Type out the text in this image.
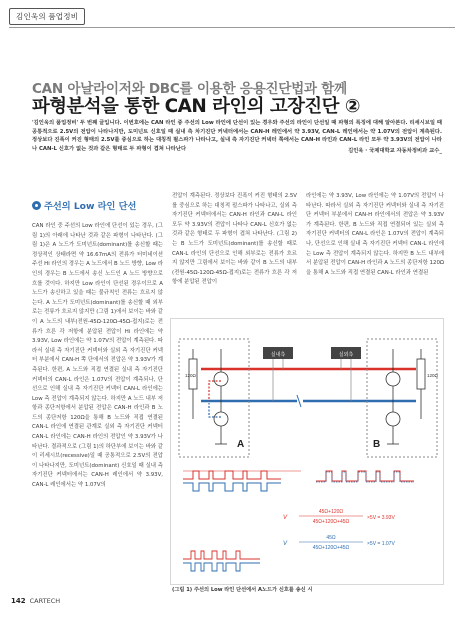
김인욱의 품업정비
CAN 아날라이저와 DBC를 이용한 응용진단법과 함께
파형분석을 통한 CAN 라인의 고장진단 ②
'김인욱의 품업정비' 두 번째 글입니다. 이번호에는 CAN 라인 중 주선의 Low 라인에 단선이 있는 경우와 주선의 라인이 단선일 때 파형의 특징에 대해 알아본다. 리세시브일 때 공통적으로 2.5V의 전압이 나타나지만, 도미넌트 신호일 때 실내 측 차기진단 커넥터에서는 CAN-H 레인에서 약 3.93V, CAN-L 레인에서는 약 1.07V의 전압이 계측된다. 정상보다 진폭이 커진 형태의 2.5V를 중심으로 하는 대칭적 펄스파가 나타나고, 실내 측 자기진단 커넥터 쪽에서는 CAN-H 라인과 CAN-L 라인 모두 약 3.93V의 전압이 나타나 CAN-L 신호가 없는 것과 같은 형태로 두 파형이 겹쳐 나타난다	김인욱 · 국제대학교 자동차정비과 교수_
주선의 Low 라인 단선
CAN 라인 중 주선의 Low 라인에 단선이 있는 경우, (그림 1)의 아래에 나타난 것과 같은 파형이 나타난다. (그림 1)은 A 노드가 도미넌트(dominant)를 송신할 때는 정상적인 상태라면 약 16.67mA의 전류가 터미네이션 주선 Hi 라인의 경우는 A 노드에서 B 노드 방향, Low 라인의 경우는 B 노드에서 송신 노드인 A 노드 방향으로 흐를 것이다. 하지만 Low 라인이 단선된 경우이므로 A 노드가 송신하고 있을 때는 불규칙인 전류는 흐르지 않는다. A 노드가 도미넌트(dominant)를 송신할 때 외부로는 전류가 흐르지 않지만 (그림 1)에서 보이는 바와 같이 A 노드의 내부(전원-45Ω-120Ω-45Ω-접지)로는 전류가 흐른 각 저항에 분압된 전압이 Hi 라인에는 약 3.93V, Low 라인에는 약 1.07V의 전압이 계측된다. 따라서 실내 측 자기진단 커넥터와 실외 측 자기진단 커넥터 부분에서 CAN-H 쪽 단에서의 전압은 약 3.93V가 계측된다. 한편, A 노드와 직접 연결된 실내 측 자기진단 커넥터의 CAN-L 라인은 1.07V의 전압이 계측되나, 단선으로 인해 실내 측 자기진단 커넥터 CAN-L 라인에는 Low 측 전압이 계측되지 않는다. 하지만 A 노드 내부 저항과 종단저항에서 분압된 전압은 CAN-H 라인과 B 노드의 종단저항 120Ω을 통해 B 노드와 직접 연결된 CAN-L 라인에 연결된 관계로 실외 측 자기진단 커넥터 CAN-L 라인에는 CAN-H 라인의 전압인 약 3.93V가 나타난다. 결과적으로 (그림 1)의 하단부에 보이는 바와 같이 리세시브(recessive)일 때 공통적으로 2.5V의 전압이 나타나지만, 도미넌트(dominant) 신호일 때 실내 측 자기진단 커넥터에서는 CAN-H 레인에서 약 3.93V, CAN-L 레인에서는 약 1.07V의
전압이 계측된다. 정상보다 진폭이 커진 형태의 2.5V를 중심으로 하는 대칭적 펄스파가 나타나고, 실외 측 자기진단 커넥터에서는 CAN-H 라인과 CAN-L 라인 모두 약 3.93V의 전압이 나타나 CAN-L 신호가 없는 것과 같은 형태로 두 파형이 겹쳐 나타난다. (그림 2)는 B 노드가 도미넌트(dominant)를 송신할 때로 CAN-L 라인의 단선으로 인해 외부로는 전류가 흐르지 않지만 그림에서 보이는 바와 같이 B 노드의 내부(전원-45Ω-120Ω-45Ω-접지)로는 전류가 흐른 각 저항에 분압된 전압이
라인에는 약 3.93V, Low 라인에는 약 1.07V의 전압이 나타난다. 따라서 실외 측 자기진단 커넥터와 실내 측 자기진단 커넥터 부분에서 CAN-H 라인에서의 전압은 약 3.93V가 계측된다. 한편, B 노드와 직접 연결되어 있는 실외 측 자기진단 커넥터의 CAN-L 라인은 1.07V의 전압이 계측되나, 단선으로 인해 실내 측 자기진단 커넥터 CAN-L 라인에는 Low 측 전압이 계측되지 않는다. 하지만 B 노드 내부에서 분압된 전압이 CAN-H 라인과 A 노드의 종단저항 120Ω을 통해 A 노드와 직접 연결된 CAN-L 라인과 연결된
실내측	실외측
120Ω
A
120Ω
B
V
45Ω+120Ω
45Ω+120Ω+45Ω
×5V = 3.93V
V
45Ω
45Ω+120Ω+45Ω
×5V = 1.07V
(그림 1) 주선의 Low 라인 단선에서 A노드가 신호를 송신 시
142 CARTECH
